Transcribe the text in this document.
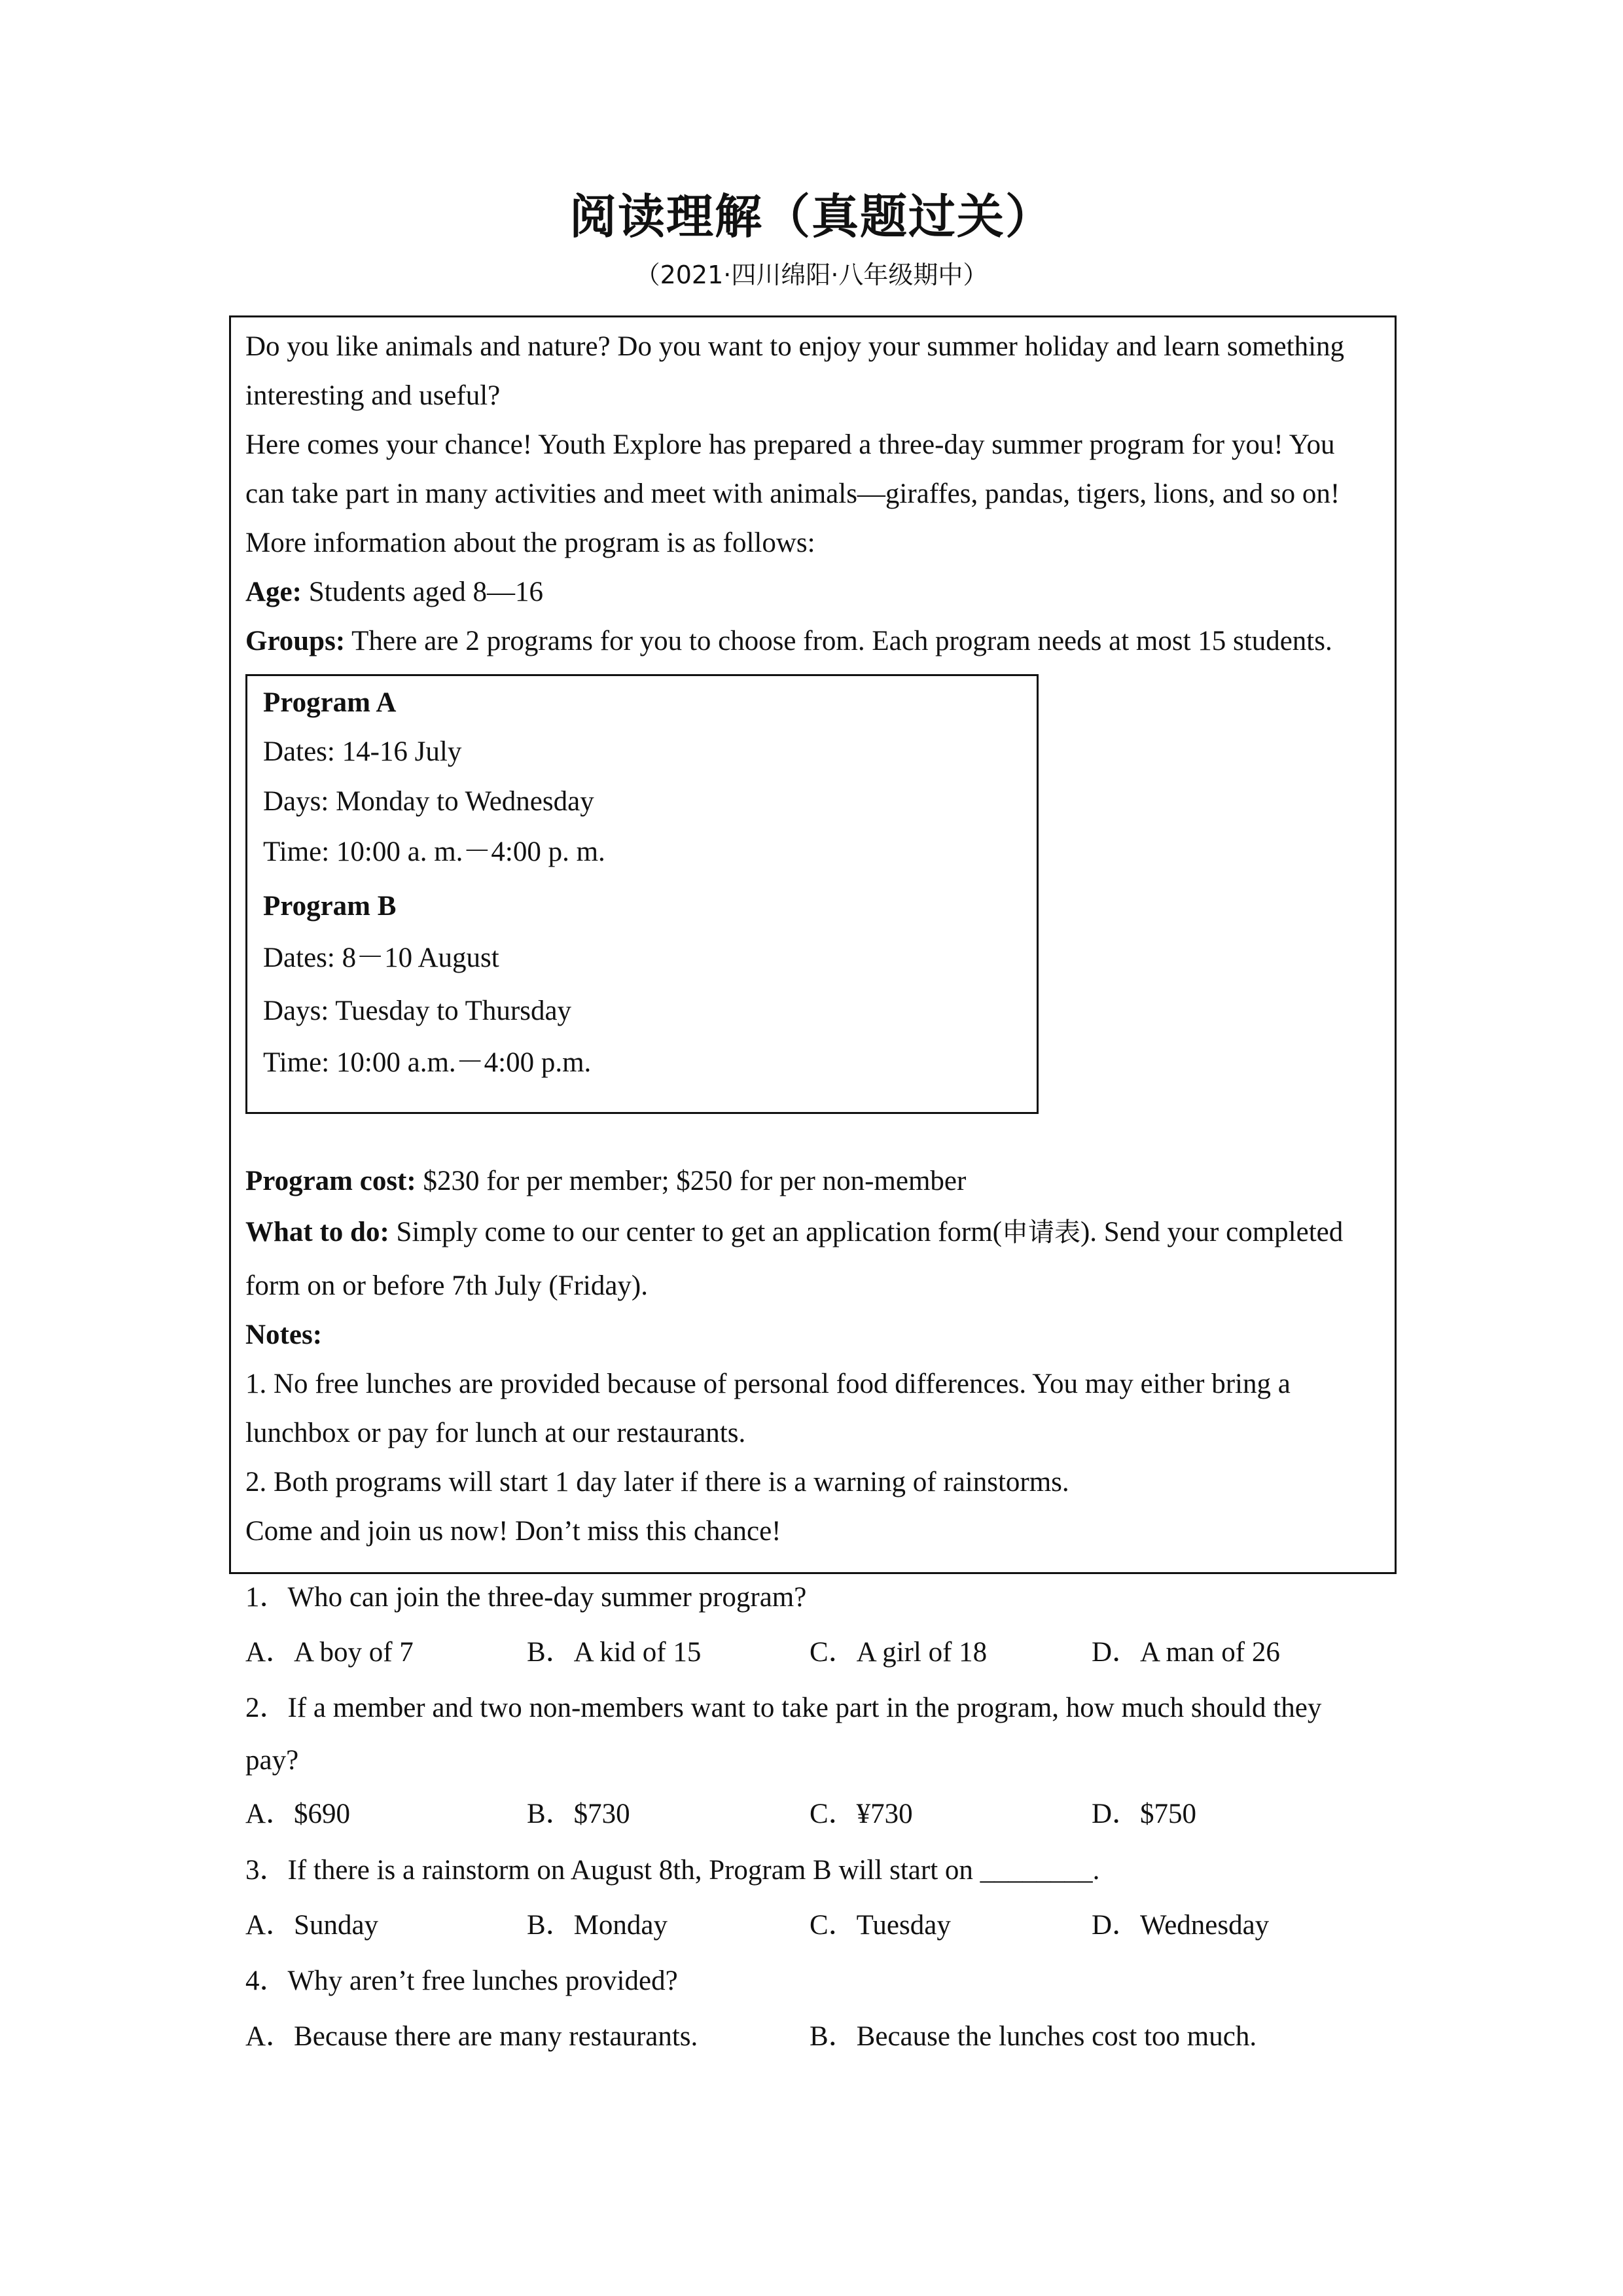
阅读理解（真题过关）
（2021·四川绵阳·八年级期中）
Do you like animals and nature? Do you want to enjoy your summer holiday and learn something
interesting and useful?
Here comes your chance! Youth Explore has prepared a three-day summer program for you! You
can take part in many activities and meet with animals—giraffes, pandas, tigers, lions, and so on!
More information about the program is as follows:
Age: Students aged 8—16
Groups: There are 2 programs for you to choose from. Each program needs at most 15 students.
Program A
Dates: 14-16 July
Days: Monday to Wednesday
Time: 10:00 a. m.－4:00 p. m.
Program B
Dates: 8－10 August
Days: Tuesday to Thursday
Time: 10:00 a.m.－4:00 p.m.
Program cost: $230 for per member; $250 for per non-member
What to do: Simply come to our center to get an application form(申请表). Send your completed
form on or before 7th July (Friday).
Notes:
1. No free lunches are provided because of personal food differences. You may either bring a
lunchbox or pay for lunch at our restaurants.
2. Both programs will start 1 day later if there is a warning of rainstorms.
Come and join us now! Don’t miss this chance!
1．Who can join the three-day summer program?
A．A boy of 7	B．A kid of 15	C．A girl of 18	D．A man of 26
2．If a member and two non-members want to take part in the program, how much should they
pay?
A．$690	B．$730	C．¥730	D．$750
3．If there is a rainstorm on August 8th, Program B will start on ________.
A．Sunday	B．Monday	C．Tuesday	D．Wednesday
4．Why aren’t free lunches provided?
A．Because there are many restaurants.	B．Because the lunches cost too much.
